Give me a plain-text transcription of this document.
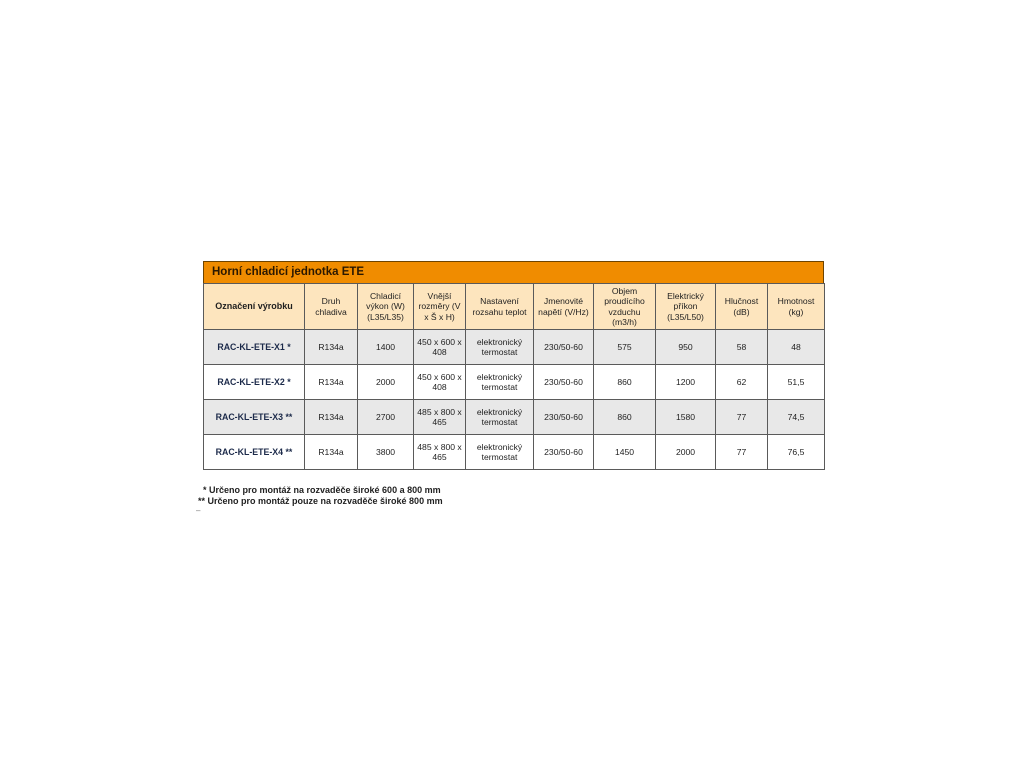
Horní chladicí jednotka ETE
Označení výrobku	Druh chladiva	Chladicí výkon (W) (L35/L35)	Vnější rozměry (V x Š x H)	Nastavení rozsahu teplot	Jmenovité napětí (V/Hz)	Objem proudícího vzduchu (m3/h)	Elektrický příkon (L35/L50)	Hlučnost (dB)	Hmotnost (kg)
RAC-KL-ETE-X1 *	R134a	1400	450 x 600 x 408	elektronický termostat	230/50-60	575	950	58	48
RAC-KL-ETE-X2 *	R134a	2000	450 x 600 x 408	elektronický termostat	230/50-60	860	1200	62	51,5
RAC-KL-ETE-X3 **	R134a	2700	485 x 800 x 465	elektronický termostat	230/50-60	860	1580	77	74,5
RAC-KL-ETE-X4 **	R134a	3800	485 x 800 x 465	elektronický termostat	230/50-60	1450	2000	77	76,5
* Určeno pro montáž na rozvaděče široké 600 a 800 mm
** Určeno pro montáž pouze na rozvaděče široké 800 mm
–
